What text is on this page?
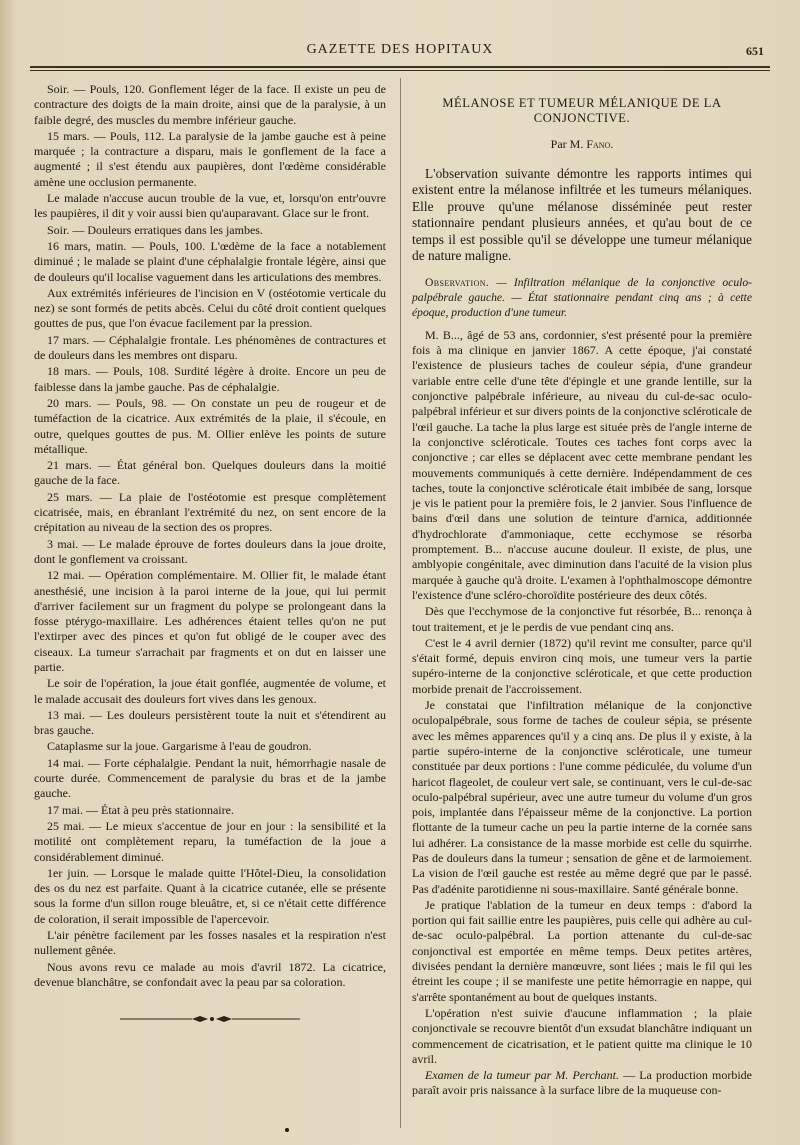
GAZETTE DES HOPITAUX	651

Soir. — Pouls, 120. Gonflement léger de la face. Il existe un peu de contracture des doigts de la main droite, ainsi que de la paralysie, à un faible degré, des muscles du membre inférieur gauche.

15 mars. — Pouls, 112. La paralysie de la jambe gauche est à peine marquée ; la contracture a disparu, mais le gonflement de la face a augmenté ; il s'est étendu aux paupières, dont l'œdème considérable amène une occlusion permanente.

Le malade n'accuse aucun trouble de la vue, et, lorsqu'on entr'ouvre les paupières, il dit y voir aussi bien qu'auparavant. Glace sur le front.

Soir. — Douleurs erratiques dans les jambes.

16 mars, matin. — Pouls, 100. L'œdème de la face a notablement diminué ; le malade se plaint d'une céphalalgie frontale légère, ainsi que de douleurs qu'il localise vaguement dans les articulations des membres.

Aux extrémités inférieures de l'incision en V (ostéotomie verticale du nez) se sont formés de petits abcès. Celui du côté droit contient quelques gouttes de pus, que l'on évacue facilement par la pression.

17 mars. — Céphalalgie frontale. Les phénomènes de contractures et de douleurs dans les membres ont disparu.

18 mars. — Pouls, 108. Surdité légère à droite. Encore un peu de faiblesse dans la jambe gauche. Pas de céphalalgie.

20 mars. — Pouls, 98. — On constate un peu de rougeur et de tuméfaction de la cicatrice. Aux extrémités de la plaie, il s'écoule, en outre, quelques gouttes de pus. M. Ollier enlève les points de suture métallique.

21 mars. — État général bon. Quelques douleurs dans la moitié gauche de la face.

25 mars. — La plaie de l'ostéotomie est presque complètement cicatrisée, mais, en ébranlant l'extrémité du nez, on sent encore de la crépitation au niveau de la section des os propres.

3 mai. — Le malade éprouve de fortes douleurs dans la joue droite, dont le gonflement va croissant.

12 mai. — Opération complémentaire. M. Ollier fit, le malade étant anesthésié, une incision à la paroi interne de la joue, qui lui permit d'arriver facilement sur un fragment du polype se prolongeant dans la fosse ptérygo-maxillaire. Les adhérences étaient telles qu'on ne put l'extirper avec des pinces et qu'on fut obligé de le couper avec des ciseaux. La tumeur s'arrachait par fragments et on dut en laisser une partie.

Le soir de l'opération, la joue était gonflée, augmentée de volume, et le malade accusait des douleurs fort vives dans les genoux.

13 mai. — Les douleurs persistèrent toute la nuit et s'étendirent au bras gauche.

Cataplasme sur la joue. Gargarisme à l'eau de goudron.

14 mai. — Forte céphalalgie. Pendant la nuit, hémorrhagie nasale de courte durée. Commencement de paralysie du bras et de la jambe gauche.

17 mai. — État à peu près stationnaire.

25 mai. — Le mieux s'accentue de jour en jour : la sensibilité et la motilité ont complètement reparu, la tuméfaction de la joue a considérablement diminué.

1er juin. — Lorsque le malade quitte l'Hôtel-Dieu, la consolidation des os du nez est parfaite. Quant à la cicatrice cutanée, elle se présente sous la forme d'un sillon rouge bleuâtre, et, si ce n'était cette différence de coloration, il serait impossible de l'apercevoir.

L'air pénètre facilement par les fosses nasales et la respiration n'est nullement gênée.

Nous avons revu ce malade au mois d'avril 1872. La cicatrice, devenue blanchâtre, se confondait avec la peau par sa coloration.

MÉLANOSE ET TUMEUR MÉLANIQUE DE LA CONJONCTIVE.
Par M. Fano.

L'observation suivante démontre les rapports intimes qui existent entre la mélanose infiltrée et les tumeurs mélaniques. Elle prouve qu'une mélanose disséminée peut rester stationnaire pendant plusieurs années, et qu'au bout de ce temps il est possible qu'il se développe une tumeur mélanique de nature maligne.

Observation. — Infiltration mélanique de la conjonctive oculo-palpébrale gauche. — État stationnaire pendant cinq ans ; à cette époque, production d'une tumeur.

M. B..., âgé de 53 ans, cordonnier, s'est présenté pour la première fois à ma clinique en janvier 1867. A cette époque, j'ai constaté l'existence de plusieurs taches de couleur sépia, d'une grandeur variable entre celle d'une tête d'épingle et une grande lentille, sur la conjonctive palpébrale inférieure, au niveau du cul-de-sac oculo-palpébral inférieur et sur divers points de la conjonctive scléroticale de l'œil gauche. La tache la plus large est située près de l'angle interne de la conjonctive scléroticale. Toutes ces taches font corps avec la conjonctive ; car elles se déplacent avec cette membrane pendant les mouvements communiqués à cette dernière. Indépendamment de ces taches, toute la conjonctive scléroticale était imbibée de sang, lorsque je vis le patient pour la première fois, le 2 janvier. Sous l'influence de bains d'œil dans une solution de teinture d'arnica, additionnée d'hydrochlorate d'ammoniaque, cette ecchymose se résorba promptement. B... n'accuse aucune douleur. Il existe, de plus, une amblyopie congénitale, avec diminution dans l'acuité de la vision plus marquée à gauche qu'à droite. L'examen à l'ophthalmoscope démontre l'existence d'une scléro-choroïdite postérieure des deux côtés.

Dès que l'ecchymose de la conjonctive fut résorbée, B... renonça à tout traitement, et je le perdis de vue pendant cinq ans.

C'est le 4 avril dernier (1872) qu'il revint me consulter, parce qu'il s'était formé, depuis environ cinq mois, une tumeur vers la partie supéro-interne de la conjonctive scléroticale, et que cette production morbide prenait de l'accroissement.

Je constatai que l'infiltration mélanique de la conjonctive oculopalpébrale, sous forme de taches de couleur sépia, se présente avec les mêmes apparences qu'il y a cinq ans. De plus il y existe, à la partie supéro-interne de la conjonctive scléroticale, une tumeur constituée par deux portions : l'une comme pédiculée, du volume d'un haricot flageolet, de couleur vert sale, se continuant, vers le cul-de-sac oculo-palpébral supérieur, avec une autre tumeur du volume d'un gros pois, implantée dans l'épaisseur même de la conjonctive. La portion flottante de la tumeur cache un peu la partie interne de la cornée sans lui adhérer. La consistance de la masse morbide est celle du squirrhe. Pas de douleurs dans la tumeur ; sensation de gêne et de larmoiement. La vision de l'œil gauche est restée au même degré que par le passé. Pas d'adénite parotidienne ni sous-maxillaire. Santé générale bonne.

Je pratique l'ablation de la tumeur en deux temps : d'abord la portion qui fait saillie entre les paupières, puis celle qui adhère au cul-de-sac oculo-palpébral. La portion attenante du cul-de-sac conjonctival est emportée en même temps. Deux petites artères, divisées pendant la dernière manœuvre, sont liées ; mais le fil qui les étreint les coupe ; il se manifeste une petite hémorragie en nappe, qui s'arrête spontanément au bout de quelques instants.

L'opération n'est suivie d'aucune inflammation ; la plaie conjonctivale se recouvre bientôt d'un exsudat blanchâtre indiquant un commencement de cicatrisation, et le patient quitte ma clinique le 10 avril.

Examen de la tumeur par M. Perchant. — La production morbide paraît avoir pris naissance à la surface libre de la muqueuse con-
